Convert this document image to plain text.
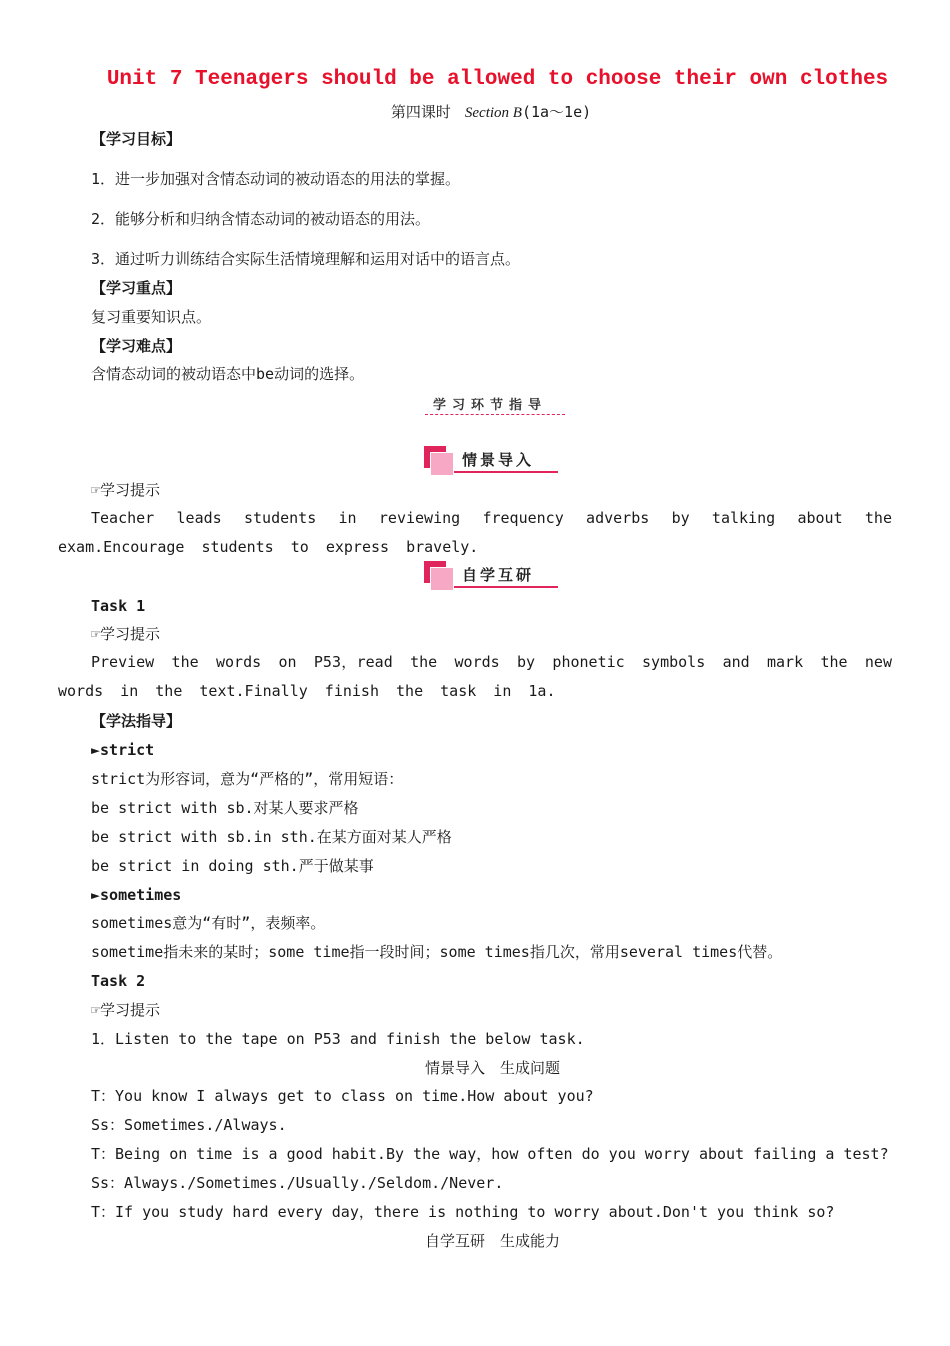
Unit 7 Teenagers should be allowed to choose their own clothes
第四课时 Section B(1a～1e)
【学习目标】
1．进一步加强对含情态动词的被动语态的用法的掌握。
2．能够分析和归纳含情态动词的被动语态的用法。
3．通过听力训练结合实际生活情境理解和运用对话中的语言点。
【学习重点】
复习重要知识点。
【学习难点】
含情态动词的被动语态中be动词的选择。
学习环节指导
情景导入
☞学习提示
Teacher leads students in reviewing frequency adverbs by talking about the exam.Encourage students to express bravely.
自学互研
Task 1
☞学习提示
Preview the words on P53，read the words by phonetic symbols and mark the new words in the text.Finally finish the task in 1a.
【学法指导】
►strict
strict为形容词，意为“严格的”，常用短语：
be strict with sb.对某人要求严格
be strict with sb.in sth.在某方面对某人严格
be strict in doing sth.严于做某事
►sometimes
sometimes意为“有时”，表频率。
sometime指未来的某时；some time指一段时间；some times指几次，常用several times代替。
Task 2
☞学习提示
1．Listen to the tape on P53 and finish the below task.
情景导入　生成问题
T：You know I always get to class on time.How about you?
Ss：Sometimes./Always.
T：Being on time is a good habit.By the way，how often do you worry about failing a test?
Ss：Always./Sometimes./Usually./Seldom./Never.
T：If you study hard every day，there is nothing to worry about.Don't you think so?
自学互研　生成能力
